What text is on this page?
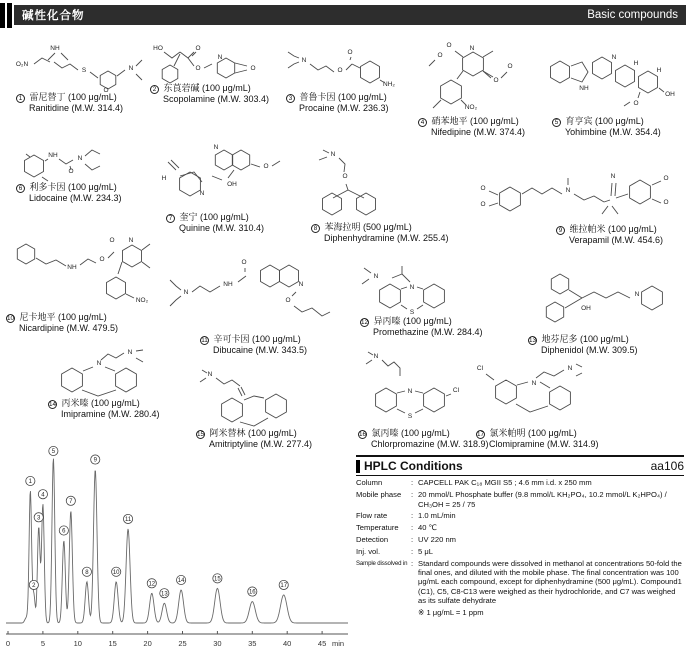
碱性化合物	Basic compounds
NH
O₂N
S
O
N
1 雷尼替丁 (100 μg/mL)
Ranitidine (M.W. 314.4)
HO	O
O
N
O
2 东莨菪碱 (100 μg/mL)
Scopolamine (M.W. 303.4)
N
O
O
NH₂
3 普鲁卡因 (100 μg/mL)
Procaine (M.W. 236.3)
N
O
O
O
O
NO₂
4 硝苯地平 (100 μg/mL)
Nifedipine (M.W. 374.4)
NH
N
H
H
OH
O
5 育亨宾 (100 μg/mL)
Yohimbine (M.W. 354.4)
NH
O
N
6 利多卡因 (100 μg/mL)
Lidocaine (M.W. 234.3)
N
O
OH
N
H
7 奎宁 (100 μg/mL)
Quinine (M.W. 310.4)
N
O
8 苯海拉明 (500 μg/mL)
Diphenhydramine (M.W. 255.4)
O
O
N
N	O
O
9 维拉帕米 (100 μg/mL)
Verapamil (M.W. 454.6)
NH
O
O N
NO₂
10 尼卡地平 (100 μg/mL)
Nicardipine (M.W. 479.5)
N
NH
O
N
O
11 辛可卡因 (100 μg/mL)
Dibucaine (M.W. 343.5)
N
S
N
12 异丙嗪 (100 μg/mL)
Promethazine (M.W. 284.4)
OH
N
13 地芬尼多 (100 μg/mL)
Diphenidol (M.W. 309.5)
N
N
14 丙米嗪 (100 μg/mL)
Imipramine (M.W. 280.4)
N
15 阿米替林 (100 μg/mL)
Amitriptyline (M.W. 277.4)
N
N
S
Cl
16 氯丙嗪 (100 μg/mL)
Chlorpromazine (M.W. 318.9)
Cl
N
N
17 氯米帕明 (100 μg/mL)
Clomipramine (M.W. 314.9)
0	5	10	15	20	25	30	35	40	45 min
1
2
3
4
5
6
7
8
9
10
11
12
13
14	15
16
17
HPLC Conditions	aa106
Column	: CAPCELL PAK C₁₈ MGII S5 ; 4.6 mm i.d. x 250 mm
Mobile phase	: 20 mmol/L Phosphate buffer (9.8 mmol/L KH₂PO₄, 10.2 mmol/L K₂HPO₄) / CH₃OH = 25 / 75
Flow rate	: 1.0 mL/min
Temperature	: 40 ℃
Detection	: UV 220 nm
Inj. vol.	: 5 μL
Sample dissolved in : Standard compounds were dissolved in methanol at concentrations 50-fold the final ones, and diluted with the mobile phase. The final concentration was 100 μg/mL each compound, except for diphenhydramine (500 μg/mL). Compound1 (C1), C5, C8-C13 were weighed as their hydrochloride, and C7 was weighed as its sulfate dehydrate
※ 1 μg/mL = 1 ppm
